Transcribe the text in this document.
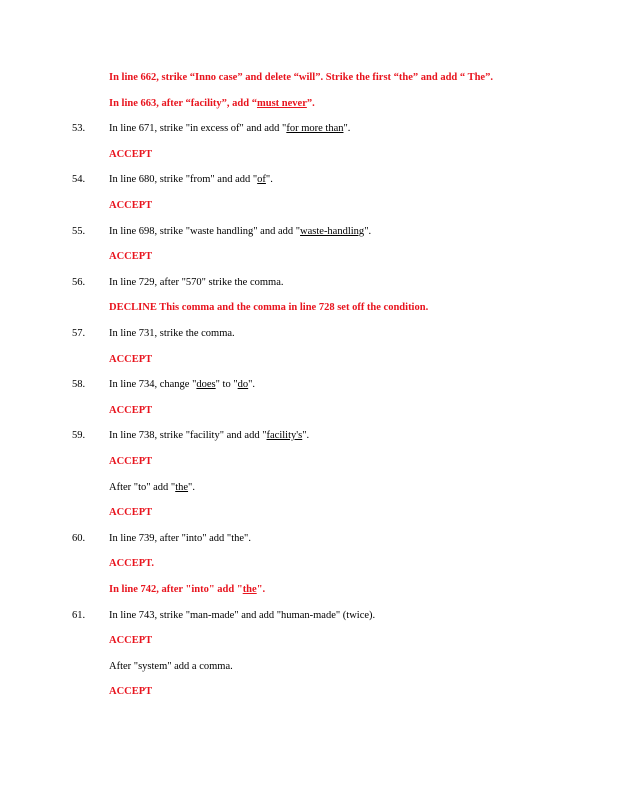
In line 662, strike “Inno case” and delete “will”. Strike the first “the” and add “ The”.
In line 663, after “facility”, add “must never”.
53. In line 671, strike "in excess of" and add "for more than".
ACCEPT
54. In line 680, strike "from" and add "of".
ACCEPT
55. In line 698, strike "waste handling" and add "waste-handling".
ACCEPT
56. In line 729, after "570" strike the comma.
DECLINE This comma and the comma in line 728 set off the condition.
57. In line 731, strike the comma.
ACCEPT
58. In line 734, change "does" to "do".
ACCEPT
59. In line 738, strike "facility" and add "facility's".
ACCEPT
After "to" add "the".
ACCEPT
60. In line 739, after "into" add "the".
ACCEPT.
In line 742, after "into" add "the".
61. In line 743, strike "man-made" and add "human-made" (twice).
ACCEPT
After "system" add a comma.
ACCEPT
